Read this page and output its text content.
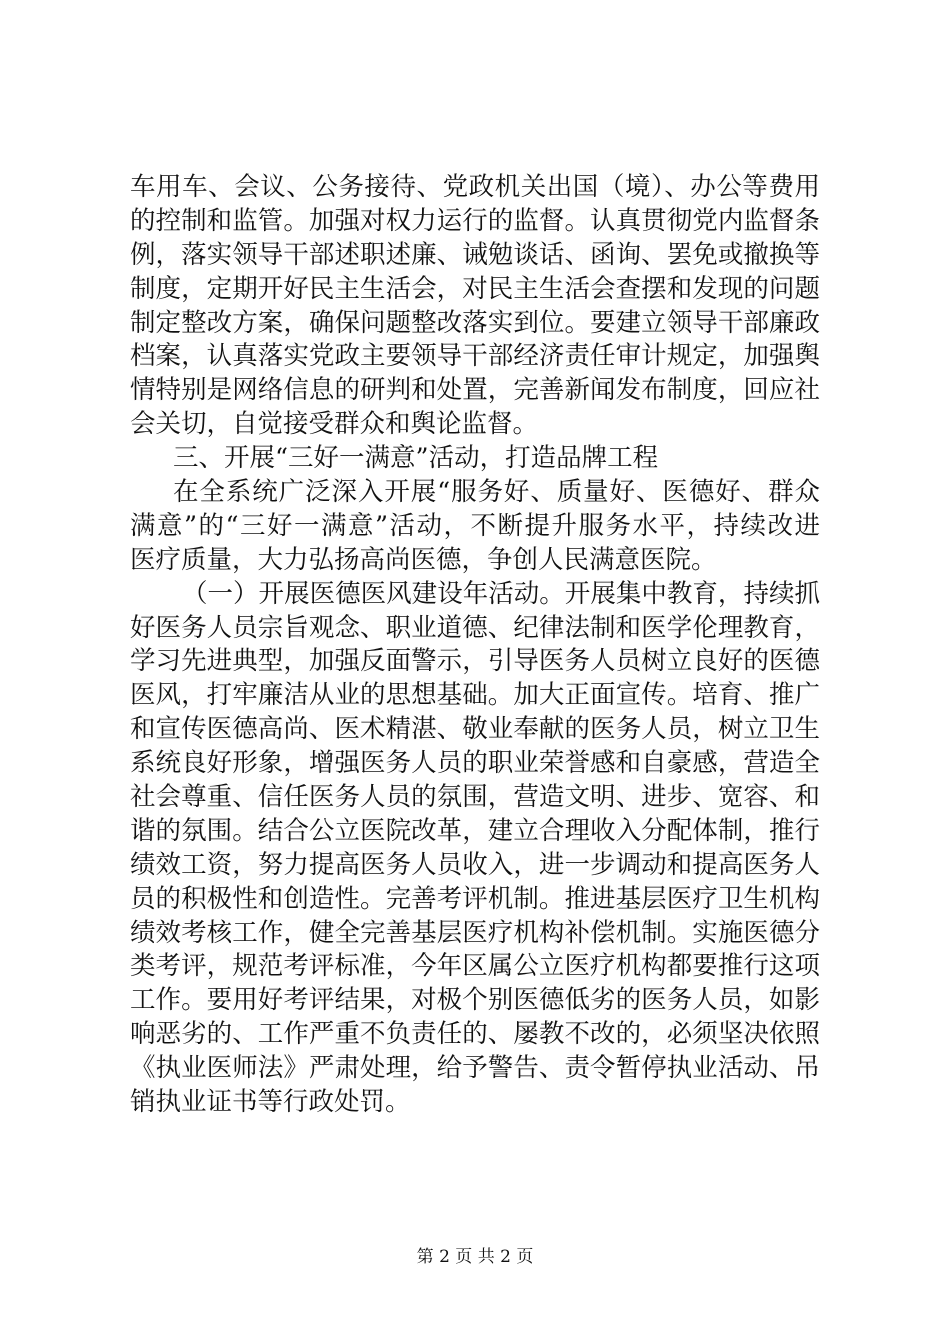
车用车、会议、公务接待、党政机关出国（境）、办公等费用
的控制和监管。加强对权力运行的监督。认真贯彻党内监督条
例，落实领导干部述职述廉、诫勉谈话、函询、罢免或撤换等
制度，定期开好民主生活会，对民主生活会查摆和发现的问题
制定整改方案，确保问题整改落实到位。要建立领导干部廉政
档案，认真落实党政主要领导干部经济责任审计规定，加强舆
情特别是网络信息的研判和处置，完善新闻发布制度，回应社
会关切，自觉接受群众和舆论监督。
三、开展“三好一满意”活动，打造品牌工程
在全系统广泛深入开展“服务好、质量好、医德好、群众
满意”的“三好一满意”活动，不断提升服务水平，持续改进
医疗质量，大力弘扬高尚医德，争创人民满意医院。
（一）开展医德医风建设年活动。开展集中教育，持续抓
好医务人员宗旨观念、职业道德、纪律法制和医学伦理教育，
学习先进典型，加强反面警示，引导医务人员树立良好的医德
医风，打牢廉洁从业的思想基础。加大正面宣传。培育、推广
和宣传医德高尚、医术精湛、敬业奉献的医务人员，树立卫生
系统良好形象，增强医务人员的职业荣誉感和自豪感，营造全
社会尊重、信任医务人员的氛围，营造文明、进步、宽容、和
谐的氛围。结合公立医院改革，建立合理收入分配体制，推行
绩效工资，努力提高医务人员收入，进一步调动和提高医务人
员的积极性和创造性。完善考评机制。推进基层医疗卫生机构
绩效考核工作，健全完善基层医疗机构补偿机制。实施医德分
类考评，规范考评标准，今年区属公立医疗机构都要推行这项
工作。要用好考评结果，对极个别医德低劣的医务人员，如影
响恶劣的、工作严重不负责任的、屡教不改的，必须坚决依照
《执业医师法》严肃处理，给予警告、责令暂停执业活动、吊
销执业证书等行政处罚。
第 2 页 共 2 页
